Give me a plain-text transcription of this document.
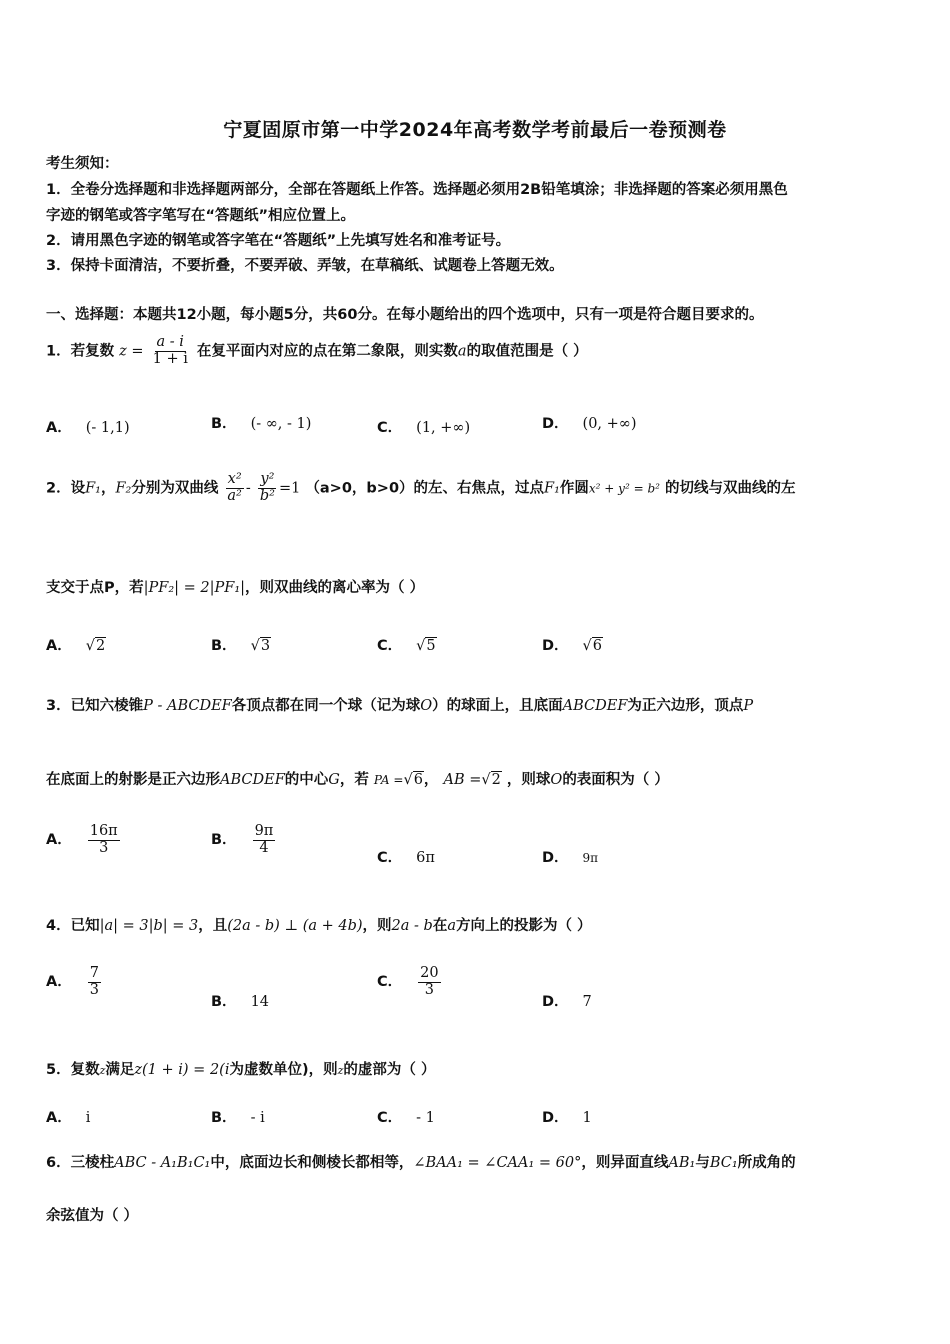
宁夏固原市第一中学2024年高考数学考前最后一卷预测卷
考生须知：
1．全卷分选择题和非选择题两部分，全部在答题纸上作答。选择题必须用2B铅笔填涂；非选择题的答案必须用黑色
字迹的钢笔或答字笔写在“答题纸”相应位置上。
2．请用黑色字迹的钢笔或答字笔在“答题纸”上先填写姓名和准考证号。
3．保持卡面清洁，不要折叠，不要弄破、弄皱，在草稿纸、试题卷上答题无效。
一、选择题：本题共12小题，每小题5分，共60分。在每小题给出的四个选项中，只有一项是符合题目要求的。
1．若复数 $z = \frac{a - i}{1 + i}$ 在复平面内对应的点在第二象限，则实数a的取值范围是（ ）
A． (- 1,1)	B． (- ∞, - 1)	C． (1, +∞)	D． (0, +∞)
2．设F₁，F₂分别为双曲线 $\frac{\text{x²}}{\text{a²}} - \frac{\text{y²}}{\text{b²}} =1$ （a>0，b>0）的左、右焦点，过点F₁作圆x² + y² = b² 的切线与双曲线的左
支交于点P，若|PF₂| = 2|PF₁|，则双曲线的离心率为（ ）
A． √2	B． √3	C． √5	D． √6
3．已知六棱锥P - ABCDEF各顶点都在同一个球（记为球O）的球面上，且底面ABCDEF为正六边形，顶点P
在底面上的射影是正六边形ABCDEF的中心G，若 PA =√6， AB =√2 ，则球O的表面积为（ ）
A． $\frac{16\pi}{3}$	B． $\frac{9\pi}{4}$
C． 6π	D． 9π
4．已知|a| = 3|b| = 3，且(2a - b) ⊥ (a + 4b)，则2a - b在a方向上的投影为（ ）
A． $\frac{7}{3}$
B． 14
C． $\frac{20}{3}$
D． 7
5．复数z满足z(1 + i) = 2(i为虚数单位)，则z的虚部为（ ）
A． i	B． - i	C． - 1	D． 1
6．三棱柱ABC - A₁B₁C₁中，底面边长和侧棱长都相等，∠BAA₁ = ∠CAA₁ = 60°，则异面直线AB₁与BC₁所成角的
余弦值为（ ）
